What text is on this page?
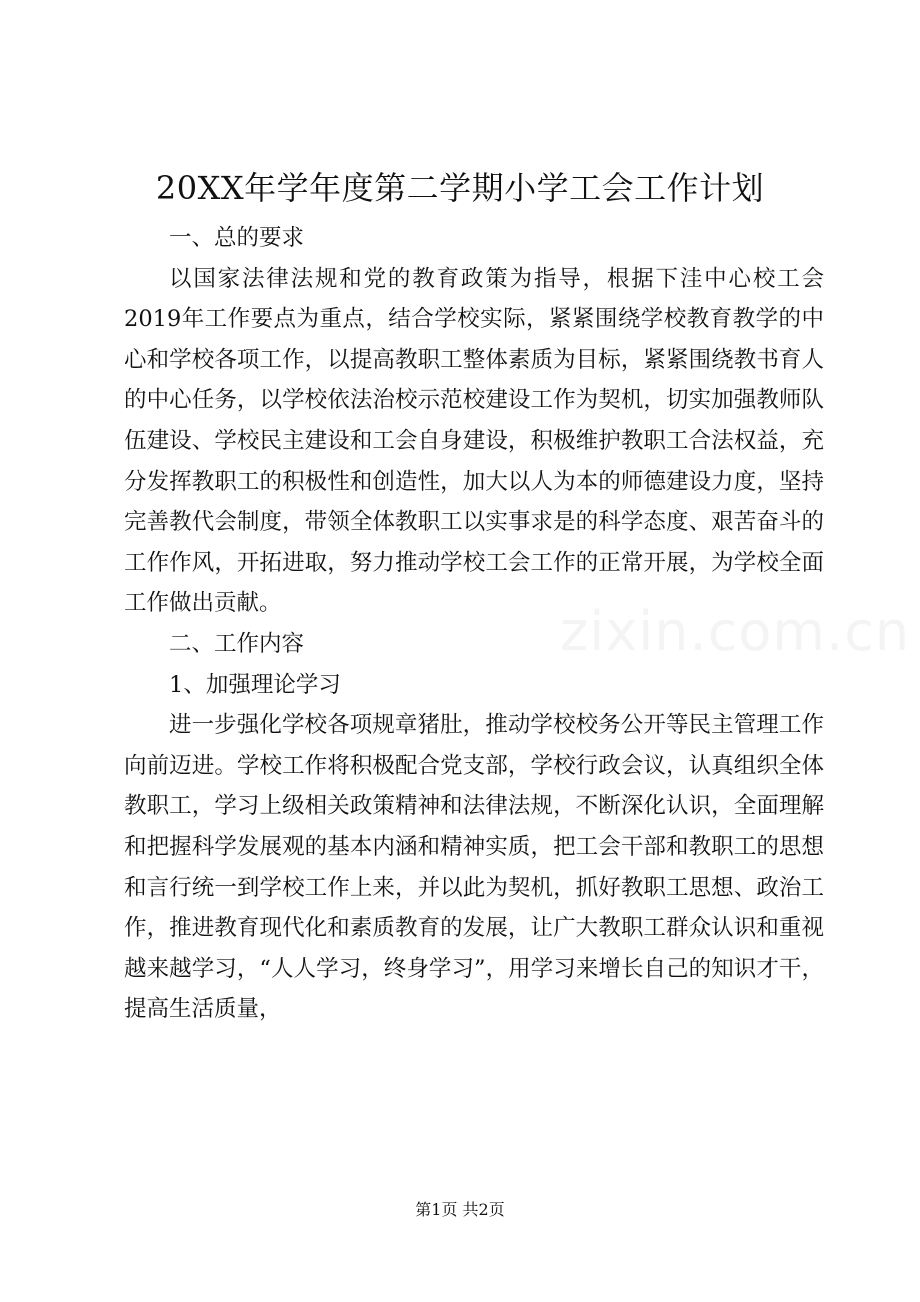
20XX年学年度第二学期小学工会工作计划

一、总的要求

以国家法律法规和党的教育政策为指导，根据下洼中心校工会2019年工作要点为重点，结合学校实际，紧紧围绕学校教育教学的中心和学校各项工作，以提高教职工整体素质为目标，紧紧围绕教书育人的中心任务，以学校依法治校示范校建设工作为契机，切实加强教师队伍建设、学校民主建设和工会自身建设，积极维护教职工合法权益，充分发挥教职工的积极性和创造性，加大以人为本的师德建设力度，坚持完善教代会制度，带领全体教职工以实事求是的科学态度、艰苦奋斗的工作作风，开拓进取，努力推动学校工会工作的正常开展，为学校全面工作做出贡献。

二、工作内容

1、加强理论学习

进一步强化学校各项规章猪肚，推动学校校务公开等民主管理工作向前迈进。学校工作将积极配合党支部，学校行政会议，认真组织全体教职工，学习上级相关政策精神和法律法规，不断深化认识，全面理解和把握科学发展观的基本内涵和精神实质，把工会干部和教职工的思想和言行统一到学校工作上来，并以此为契机，抓好教职工思想、政治工作，推进教育现代化和素质教育的发展，让广大教职工群众认识和重视越来越学习，“人人学习，终身学习”，用学习来增长自己的知识才干，提高生活质量，

zixin.com.cn
第1页 共2页
